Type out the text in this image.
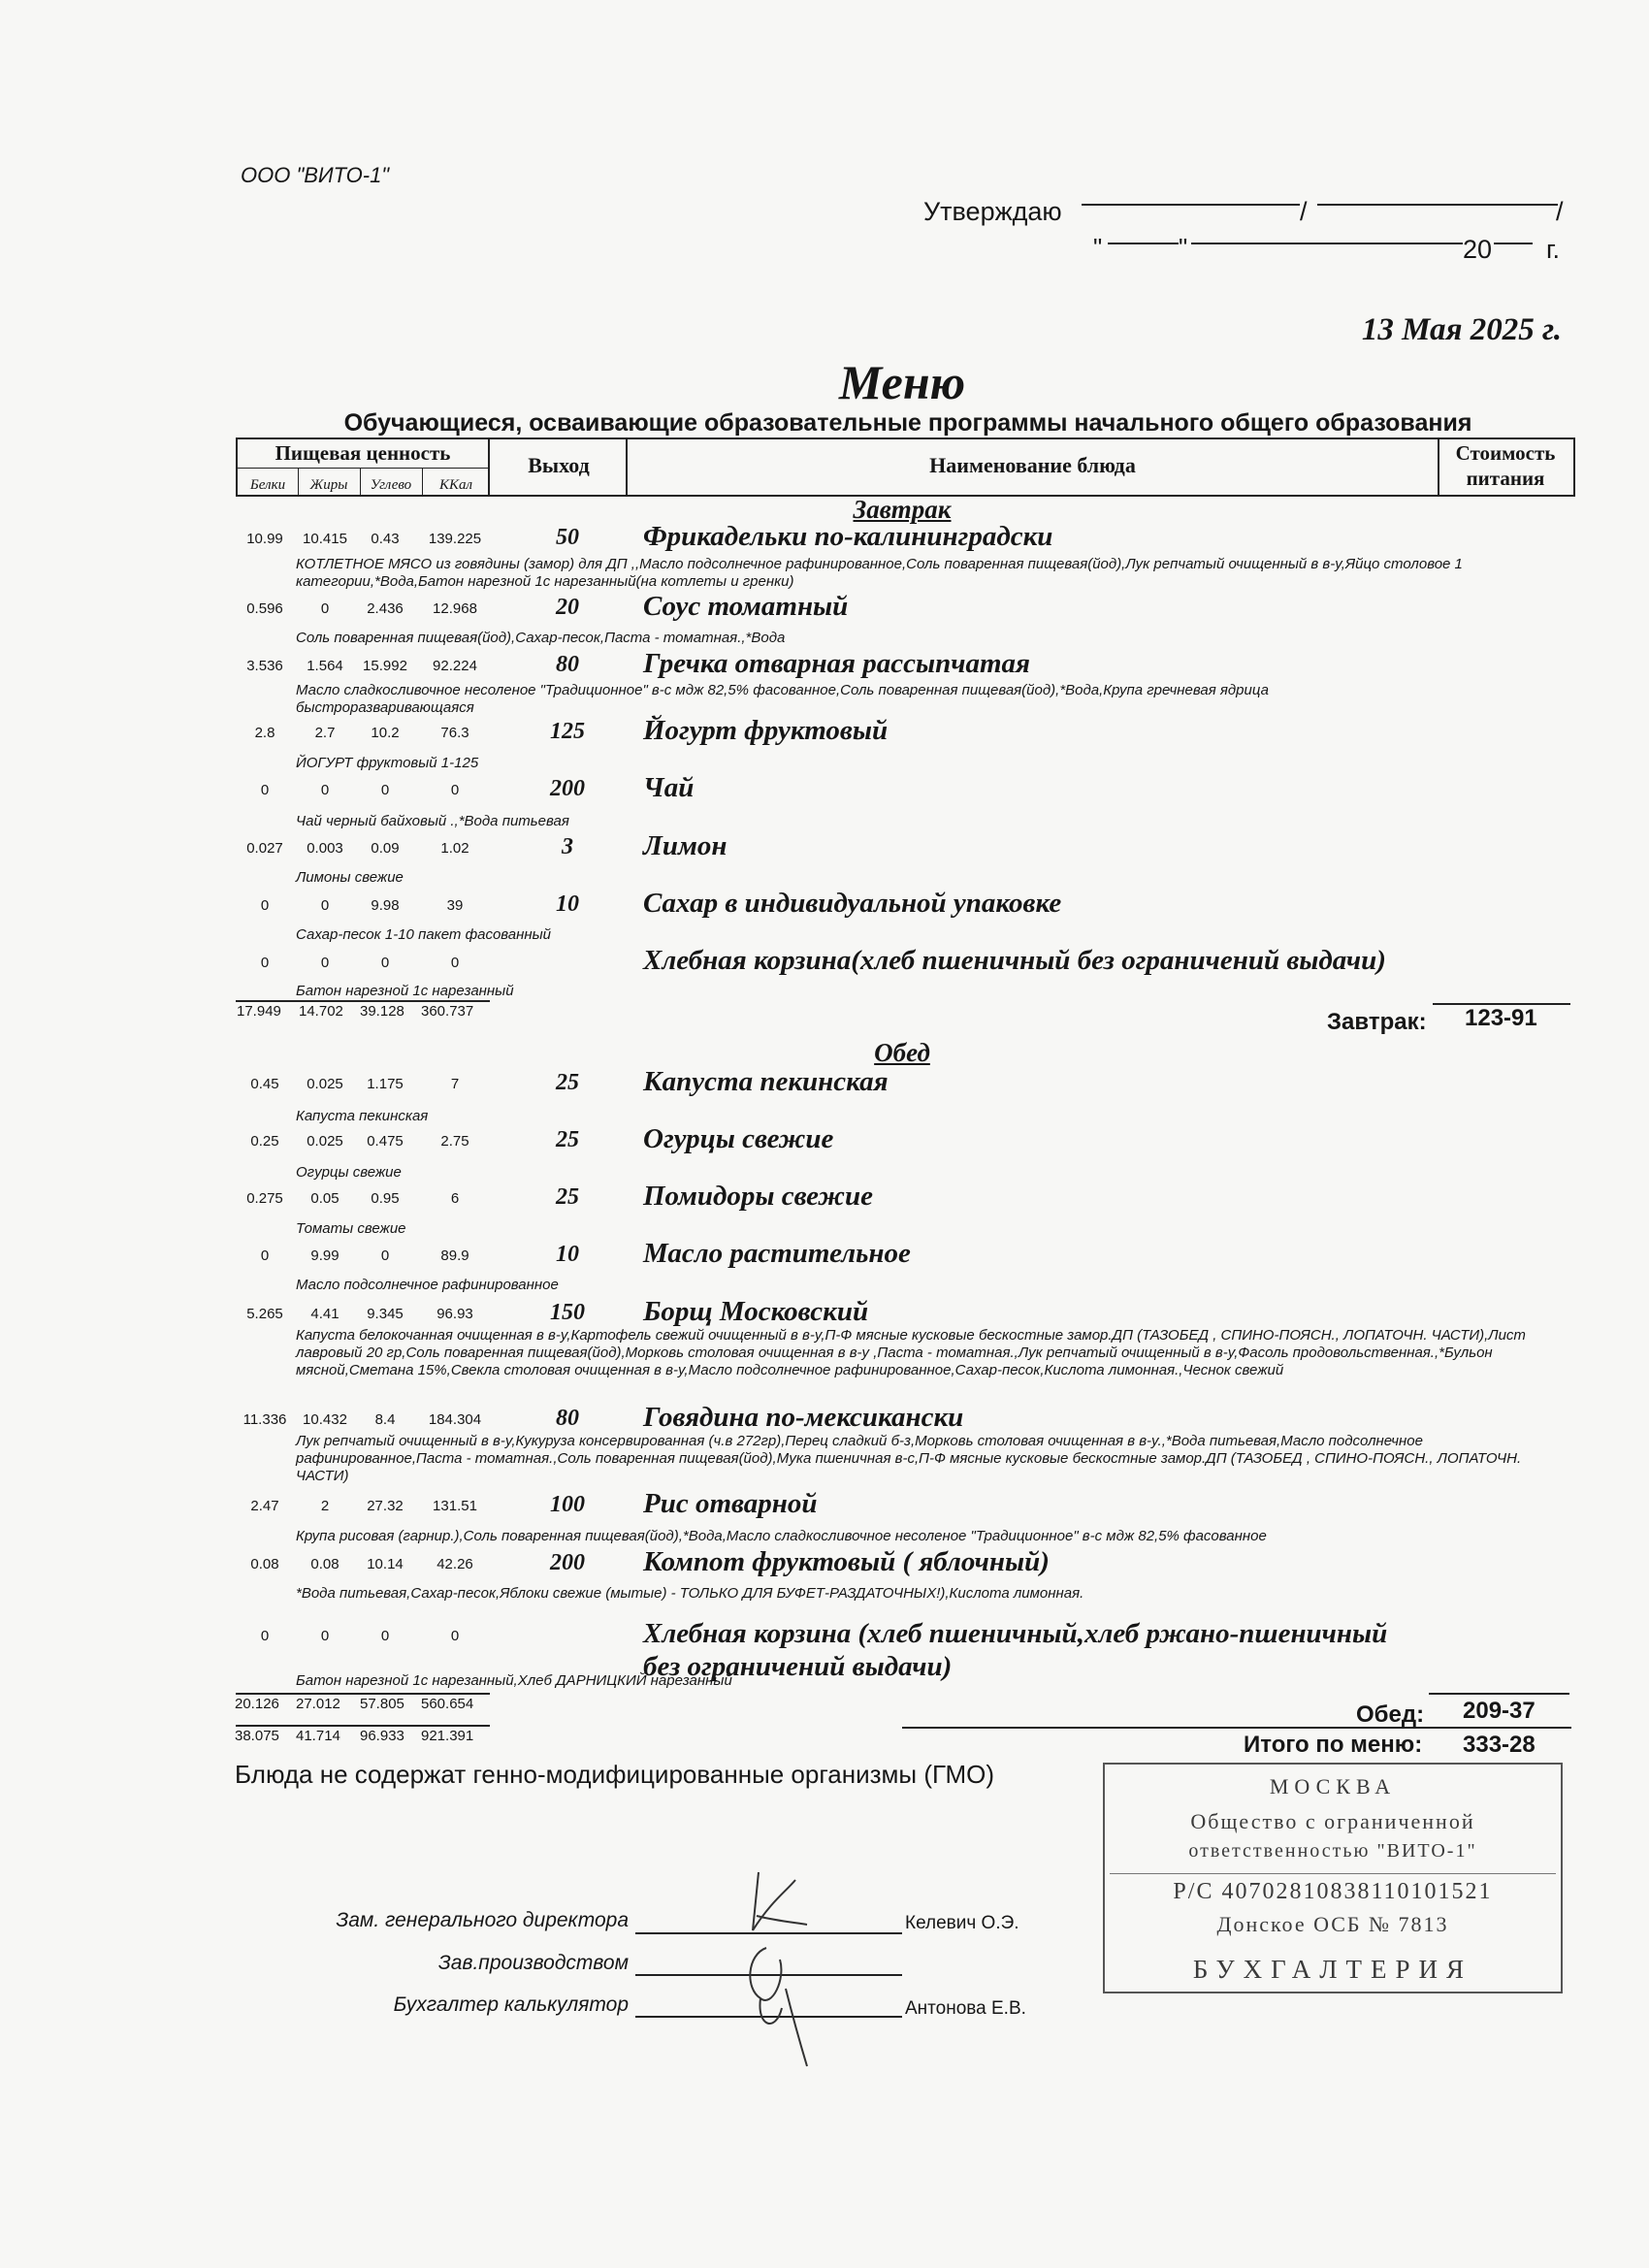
ООО "ВИТО-1"
Утверждаю	/	/
"	"	20 г.
13 Мая 2025 г.
Меню
Обучающиеся, осваивающие образовательные программы начального общего образования
Пищевая ценность
Белки	Жиры	Углево	ККал
Выход	Наименование блюда	Стоимость
питания
Завтрак
10.99	10.415	0.43	139.225	50	Фрикадельки по-калининградски
КОТЛЕТНОЕ МЯСО из говядины (замор) для ДП ,,Масло подсолнечное рафинированное,Соль поваренная пищевая(йод),Лук репчатый очищенный в в-у,Яйцо столовое 1 категории,*Вода,Батон нарезной 1с нарезанный(на котлеты и гренки)
0.596	0	2.436	12.968	20	Соус томатный
Соль поваренная пищевая(йод),Сахар-песок,Паста - томатная.,*Вода
3.536	1.564	15.992	92.224	80	Гречка отварная рассыпчатая
Масло сладкосливочное несоленое "Традиционное" в-с мдж 82,5% фасованное,Соль поваренная пищевая(йод),*Вода,Крупа гречневая ядрица быстроразваривающаяся
2.8	2.7	10.2	76.3	125	Йогурт фруктовый
ЙОГУРТ фруктовый 1-125
0	0	0	0	200	Чай
Чай черный байховый .,*Вода питьевая
0.027	0.003	0.09	1.02	3	Лимон
Лимоны свежие
0	0	9.98	39	10	Сахар в индивидуальной упаковке
Сахар-песок 1-10 пакет фасованный
0	0	0	0	Хлебная корзина(хлеб пшеничный без ограничений выдачи)
Батон нарезной 1с нарезанный
17.949 14.702 39.128 360.737	Завтрак: 123-91
Обед
0.45	0.025	1.175	7	25	Капуста пекинская
Капуста пекинская
0.25	0.025	0.475	2.75	25	Огурцы свежие
Огурцы свежие
0.275	0.05	0.95	6	25	Помидоры свежие
Томаты свежие
0	9.99	0	89.9	10	Масло растительное
Масло подсолнечное рафинированное
5.265	4.41	9.345	96.93	150	Борщ Московский
Капуста белокочанная очищенная в в-у,Картофель свежий очищенный в в-у,П-Ф мясные кусковые бескостные замор.ДП (ТАЗОБЕД , СПИНО-ПОЯСН., ЛОПАТОЧН. ЧАСТИ),Лист лавровый 20 гр,Соль поваренная пищевая(йод),Морковь столовая очищенная в в-у ,Паста - томатная.,Лук репчатый очищенный в в-у,Фасоль продовольственная.,*Бульон мясной,Сметана 15%,Свекла столовая очищенная в в-у,Масло подсолнечное рафинированное,Сахар-песок,Кислота лимонная.,Чеснок свежий
11.336	10.432	8.4	184.304	80	Говядина по-мексикански
Лук репчатый очищенный в в-у,Кукуруза консервированная (ч.в 272гр),Перец сладкий б-з,Морковь столовая очищенная в в-у.,*Вода питьевая,Масло подсолнечное рафинированное,Паста - томатная.,Соль поваренная пищевая(йод),Мука пшеничная в-с,П-Ф мясные кусковые бескостные замор.ДП (ТАЗОБЕД , СПИНО-ПОЯСН., ЛОПАТОЧН. ЧАСТИ)
2.47	2	27.32	131.51	100	Рис отварной
Крупа рисовая (гарнир.),Соль поваренная пищевая(йод),*Вода,Масло сладкосливочное несоленое "Традиционное" в-с мдж 82,5% фасованное
0.08	0.08	10.14	42.26	200	Компот фруктовый ( яблочный)
*Вода питьевая,Сахар-песок,Яблоки свежие (мытые) - ТОЛЬКО ДЛЯ БУФЕТ-РАЗДАТОЧНЫХ!),Кислота лимонная.
0	0	0	0	Хлебная корзина (хлеб пшеничный,хлеб ржано-пшеничный
без ограничений выдачи)
Батон нарезной 1с нарезанный,Хлеб ДАРНИЦКИЙ нарезанный
20.126 27.012 57.805 560.654	Обед: 209-37
38.075 41.714 96.933 921.391	Итого по меню: 333-28
Блюда не содержат генно-модифицированные организмы (ГМО)	МОСКВА
Общество с ограниченной
ответственностью "ВИТО-1"
Р/С 40702810838110101521
Донское ОСБ № 7813
БУХГАЛТЕРИЯ
Зам. генерального директора	Келевич О.Э.
Зав.производством
Бухгалтер калькулятор	Антонова Е.В.
